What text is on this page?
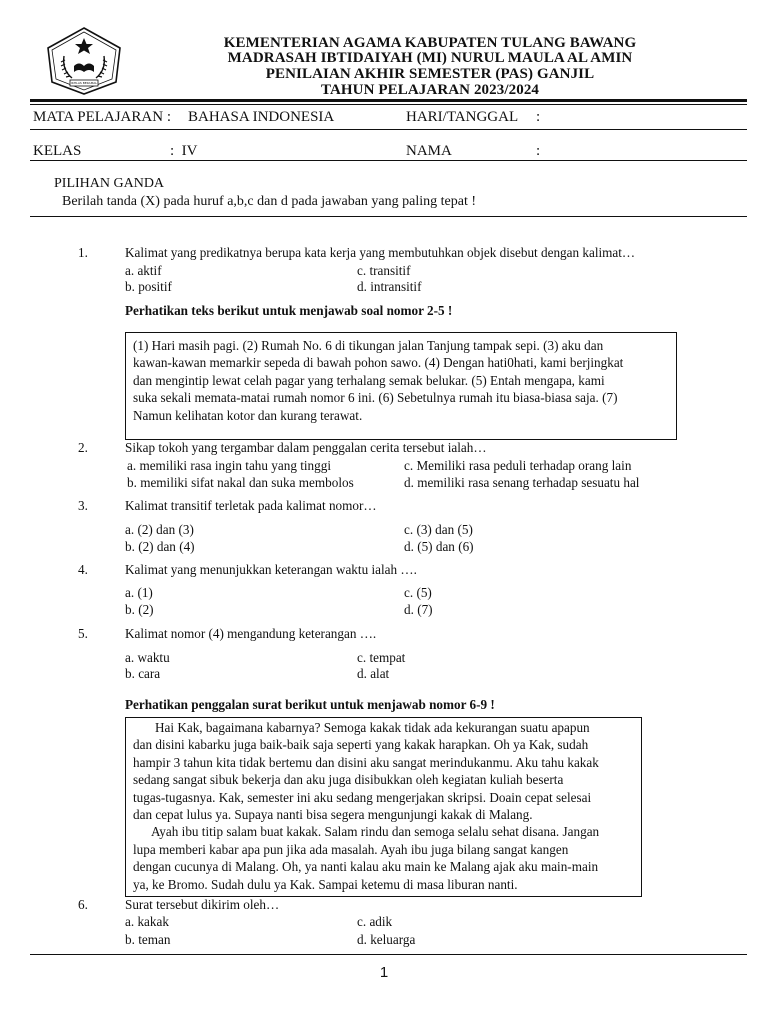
IKHLAS BERAMAL
KEMENTERIAN AGAMA KABUPATEN TULANG BAWANG
MADRASAH IBTIDAIYAH (MI) NURUL MAULA AL AMIN
PENILAIAN AKHIR SEMESTER (PAS) GANJIL
TAHUN PELAJARAN 2023/2024
MATA PELAJARAN : BAHASA INDONESIA	HARI/TANGGAL :
KELAS	:  IV	NAMA	:
PILIHAN GANDA
Berilah tanda (X) pada huruf a,b,c dan d pada jawaban yang paling tepat !
1.	Kalimat yang predikatnya berupa kata kerja yang membutuhkan objek disebut dengan kalimat…
a. aktif	c. transitif
b. positif	d. intransitif
Perhatikan teks berikut untuk menjawab soal nomor 2-5 !

(1) Hari masih pagi. (2) Rumah No. 6 di tikungan jalan Tanjung tampak sepi. (3) aku dan

kawan-kawan memarkir sepeda di bawah pohon sawo. (4) Dengan hati0hati, kami berjingkat

dan mengintip lewat celah pagar yang terhalang semak belukar. (5) Entah mengapa, kami

suka sekali memata-matai rumah nomor 6 ini. (6) Sebetulnya rumah itu biasa-biasa saja. (7)

Namun kelihatan kotor dan kurang terawat.

2.	Sikap tokoh yang tergambar dalam penggalan cerita tersebut ialah…
a. memiliki rasa ingin tahu yang tinggi	c. Memiliki rasa peduli terhadap orang lain
b. memiliki sifat nakal dan suka membolos	d. memiliki rasa senang terhadap sesuatu hal
3.	Kalimat transitif terletak pada kalimat nomor…
a. (2) dan (3)	c. (3) dan (5)
b. (2) dan (4)	d. (5) dan (6)
4.	Kalimat yang menunjukkan keterangan waktu ialah ….
a. (1)	c. (5)
b. (2)	d. (7)
5.	Kalimat nomor (4) mengandung keterangan ….
a. waktu	c. tempat
b. cara	d. alat
Perhatikan penggalan surat berikut untuk menjawab nomor 6-9 !

Hai Kak, bagaimana kabarnya? Semoga kakak tidak ada kekurangan suatu apapun

dan disini kabarku juga baik-baik saja seperti yang kakak harapkan. Oh ya Kak, sudah

hampir 3 tahun kita tidak bertemu dan disini aku sangat merindukanmu. Aku tahu kakak

sedang sangat sibuk bekerja dan aku juga disibukkan oleh kegiatan kuliah beserta

tugas-tugasnya. Kak, semester ini aku sedang mengerjakan skripsi. Doain cepat selesai

dan cepat lulus ya. Supaya nanti bisa segera mengunjungi kakak di Malang.

Ayah ibu titip salam buat kakak. Salam rindu dan semoga selalu sehat disana. Jangan

lupa memberi kabar apa pun jika ada masalah. Ayah ibu juga bilang sangat kangen

dengan cucunya di Malang. Oh, ya nanti kalau aku main ke Malang ajak aku main-main

ya, ke Bromo. Sudah dulu ya Kak. Sampai ketemu di masa liburan nanti.

6.	Surat tersebut dikirim oleh…
a. kakak	c. adik
b. teman	d. keluarga
1
